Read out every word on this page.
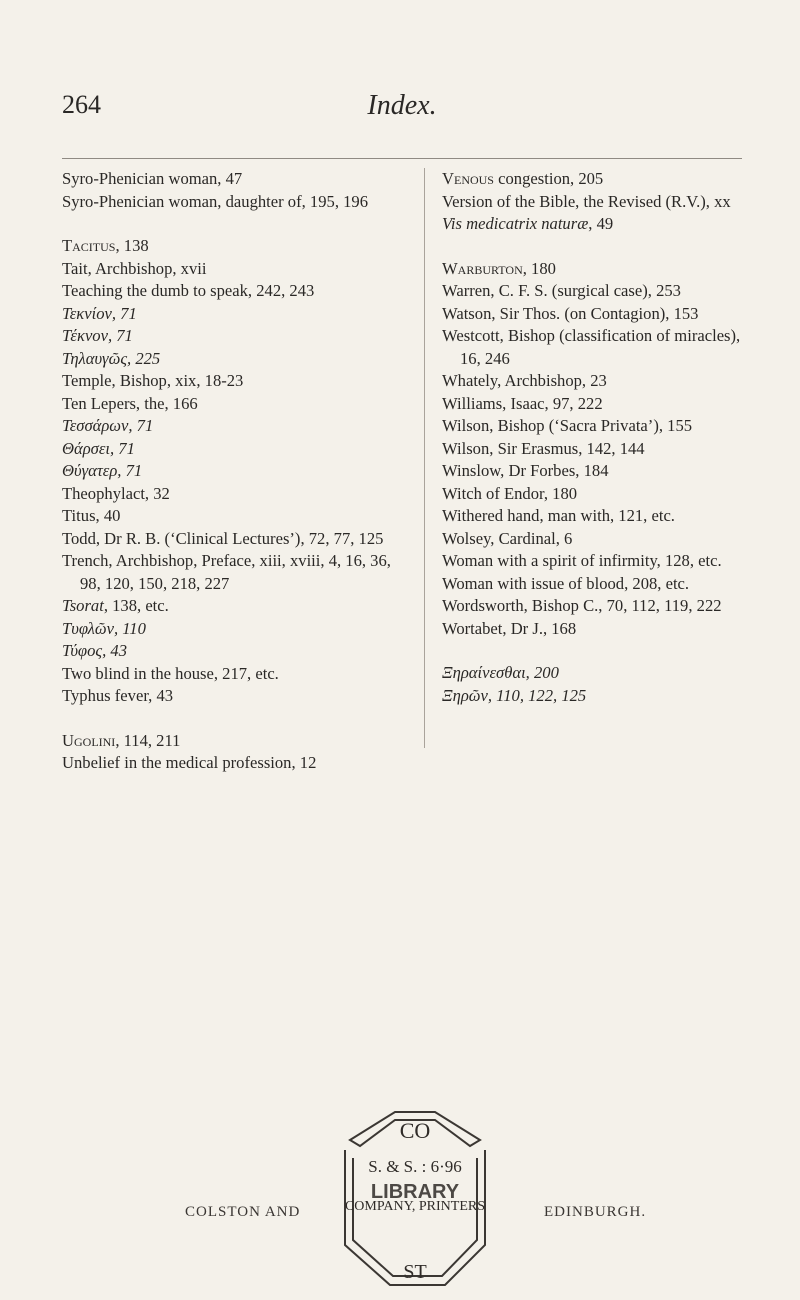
264	Index.
Syro-Phenician woman, 47
Syro-Phenician woman, daughter of, 195, 196
Tacitus, 138
Tait, Archbishop, xvii
Teaching the dumb to speak, 242, 243
Τεκνίον, 71
Τέκνον, 71
Τηλαυγῶς, 225
Temple, Bishop, xix, 18-23
Ten Lepers, the, 166
Τεσσάρων, 71
Θάρσει, 71
Θύγατερ, 71
Theophylact, 32
Titus, 40
Todd, Dr R. B. (‘Clinical Lectures’), 72, 77, 125
Trench, Archbishop, Preface, xiii, xviii, 4, 16, 36, 98, 120, 150, 218, 227
Tsorat, 138, etc.
Τυφλῶν, 110
Τύφος, 43
Two blind in the house, 217, etc.
Typhus fever, 43
Ugolini, 114, 211
Unbelief in the medical profession, 12
Venous congestion, 205
Version of the Bible, the Revised (R.V.), xx
Vis medicatrix naturæ, 49
Warburton, 180
Warren, C. F. S. (surgical case), 253
Watson, Sir Thos. (on Contagion), 153
Westcott, Bishop (classification of miracles), 16, 246
Whately, Archbishop, 23
Williams, Isaac, 97, 222
Wilson, Bishop (‘Sacra Privata’), 155
Wilson, Sir Erasmus, 142, 144
Winslow, Dr Forbes, 184
Witch of Endor, 180
Withered hand, man with, 121, etc.
Wolsey, Cardinal, 6
Woman with a spirit of infirmity, 128, etc.
Woman with issue of blood, 208, etc.
Wordsworth, Bishop C., 70, 112, 119, 222
Wortabet, Dr J., 168
Ξηραίνεσθαι, 200
Ξηρῶν, 110, 122, 125
CO
S. & S. : 6·96
COMPANY, PRINTERS
LIBRARY
ST
COLSTON AND	EDINBURGH.
